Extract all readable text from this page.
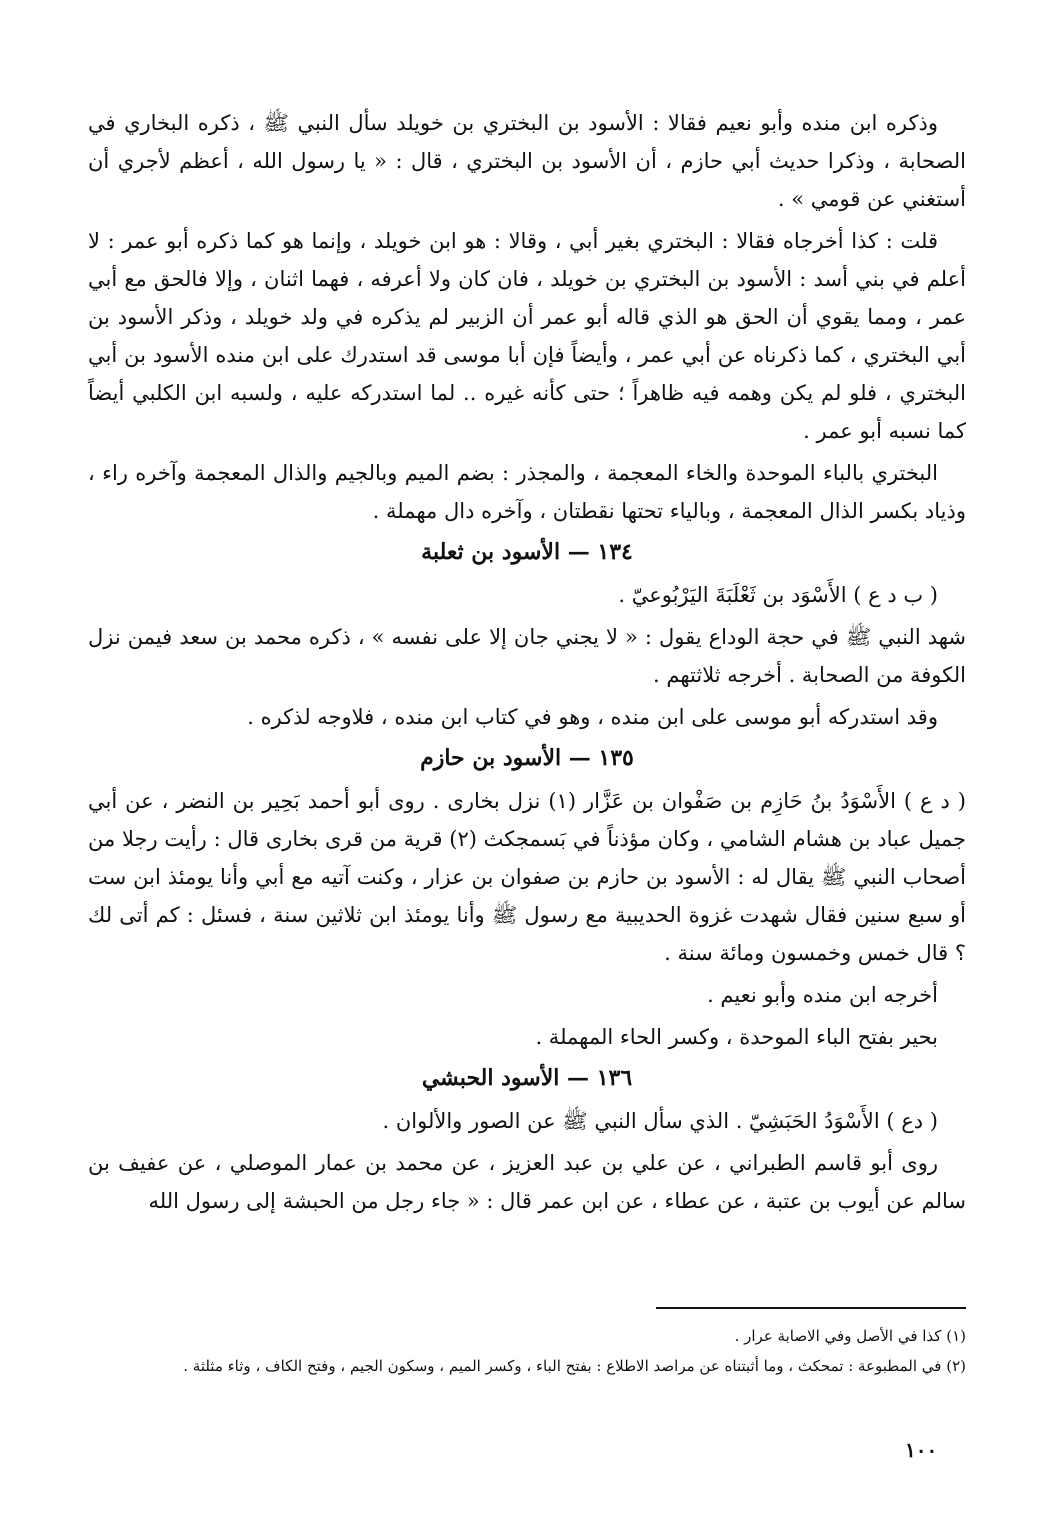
وذكره ابن منده وأبو نعيم فقالا : الأسود بن البختري بن خويلد سأل النبي ﷺ ، ذكره البخاري في الصحابة ، وذكرا حديث أبي حازم ، أن الأسود بن البختري ، قال : « يا رسول الله ، أعظم لأجري أن أستغني عن قومي » .

قلت : كذا أخرجاه فقالا : البختري بغير أبي ، وقالا : هو ابن خويلد ، وإنما هو كما ذكره أبو عمر : لا أعلم في بني أسد : الأسود بن البختري بن خويلد ، فان كان ولا أعرفه ، فهما اثنان ، وإلا فالحق مع أبي عمر ، ومما يقوي أن الحق هو الذي قاله أبو عمر أن الزبير لم يذكره في ولد خويلد ، وذكر الأسود بن أبي البختري ، كما ذكرناه عن أبي عمر ، وأيضاً فإن أبا موسى قد استدرك على ابن منده الأسود بن أبي البختري ، فلو لم يكن وهمه فيه ظاهراً ؛ حتى كأنه غيره .. لما استدركه عليه ، ولسبه ابن الكلبي أيضاً كما نسبه أبو عمر .

البختري بالباء الموحدة والخاء المعجمة ، والمجذر : بضم الميم وبالجيم والذال المعجمة وآخره راء ، وذياد بكسر الذال المعجمة ، وبالياء تحتها نقطتان ، وآخره دال مهملة .

١٣٤ — الأسود بن ثعلبة

( ب د ع ) الأَسْوَد بن ثَعْلَبَةَ اليَرْبُوعيّ .

شهد النبي ﷺ في حجة الوداع يقول : « لا يجني جان إلا على نفسه » ، ذكره محمد بن سعد فيمن نزل الكوفة من الصحابة . أخرجه ثلاثتهم .

وقد استدركه أبو موسى على ابن منده ، وهو في كتاب ابن منده ، فلاوجه لذكره .

١٣٥ — الأسود بن حازم

( د ع ) الأَسْوَدُ بنُ حَازِم بن صَفْوان بن عَزَّار (١) نزل بخارى . روى أبو أحمد بَحِير بن النضر ، عن أبي جميل عباد بن هشام الشامي ، وكان مؤذناً في بَسمجكث (٢) قرية من قرى بخارى قال : رأيت رجلا من أصحاب النبي ﷺ يقال له : الأسود بن حازم بن صفوان بن عزار ، وكنت آتيه مع أبي وأنا يومئذ ابن ست أو سبع سنين فقال شهدت غزوة الحديبية مع رسول ﷺ وأنا يومئذ ابن ثلاثين سنة ، فسئل : كم أتى لك ؟ قال خمس وخمسون ومائة سنة .

أخرجه ابن منده وأبو نعيم .

بحير بفتح الباء الموحدة ، وكسر الحاء المهملة .

١٣٦ — الأسود الحبشي

( دع ) الأَسْوَدُ الحَبَشِيّ . الذي سأل النبي ﷺ عن الصور والألوان .

روى أبو قاسم الطبراني ، عن علي بن عبد العزيز ، عن محمد بن عمار الموصلي ، عن عفيف بن سالم عن أيوب بن عتبة ، عن عطاء ، عن ابن عمر قال : « جاء رجل من الحبشة إلى رسول الله

(١) كذا في الأصل وفي الاصابة عرار .

(٢) في المطبوعة : تمحكث ، وما أثبتناه عن مراصد الاطلاع : بفتح الباء ، وكسر الميم ، وسكون الجيم ، وفتح الكاف ، وثاء مثلثة .

١٠٠
